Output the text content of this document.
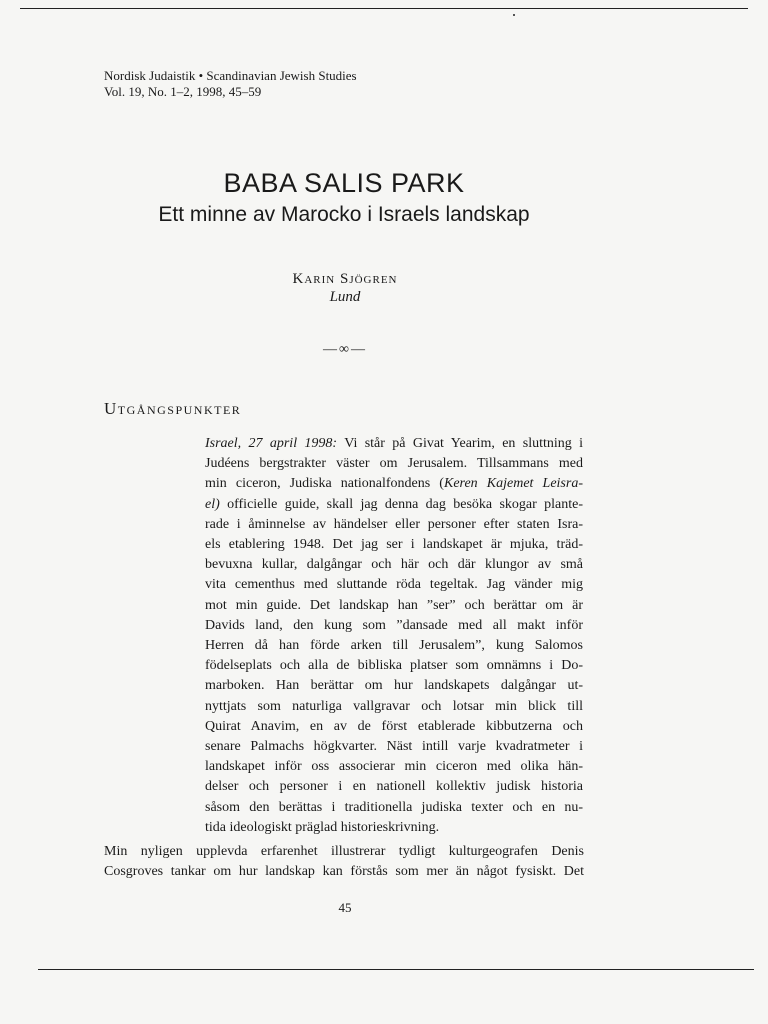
Nordisk Judaistik • Scandinavian Jewish Studies
Vol. 19, No. 1–2, 1998, 45–59
BABA SALIS PARK
Ett minne av Marocko i Israels landskap
Karin Sjögren
Lund
—∞—
Utgångspunkter
Israel, 27 april 1998: Vi står på Givat Yearim, en sluttning i
Judéens bergstrakter väster om Jerusalem. Tillsammans med
min ciceron, Judiska nationalfondens (Keren Kajemet Leisra-
el) officielle guide, skall jag denna dag besöka skogar plante-
rade i åminnelse av händelser eller personer efter staten Isra-
els etablering 1948. Det jag ser i landskapet är mjuka, träd-
bevuxna kullar, dalgångar och här och där klungor av små
vita cementhus med sluttande röda tegeltak. Jag vänder mig
mot min guide. Det landskap han ”ser” och berättar om är
Davids land, den kung som ”dansade med all makt inför
Herren då han förde arken till Jerusalem”, kung Salomos
födelseplats och alla de bibliska platser som omnämns i Do-
marboken. Han berättar om hur landskapets dalgångar ut-
nyttjats som naturliga vallgravar och lotsar min blick till
Quirat Anavim, en av de först etablerade kibbutzerna och
senare Palmachs högkvarter. Näst intill varje kvadratmeter i
landskapet inför oss associerar min ciceron med olika hän-
delser och personer i en nationell kollektiv judisk historia
såsom den berättas i traditionella judiska texter och en nu-
tida ideologiskt präglad historieskrivning.
Min nyligen upplevda erfarenhet illustrerar tydligt kulturgeografen Denis
Cosgroves tankar om hur landskap kan förstås som mer än något fysiskt. Det
45
